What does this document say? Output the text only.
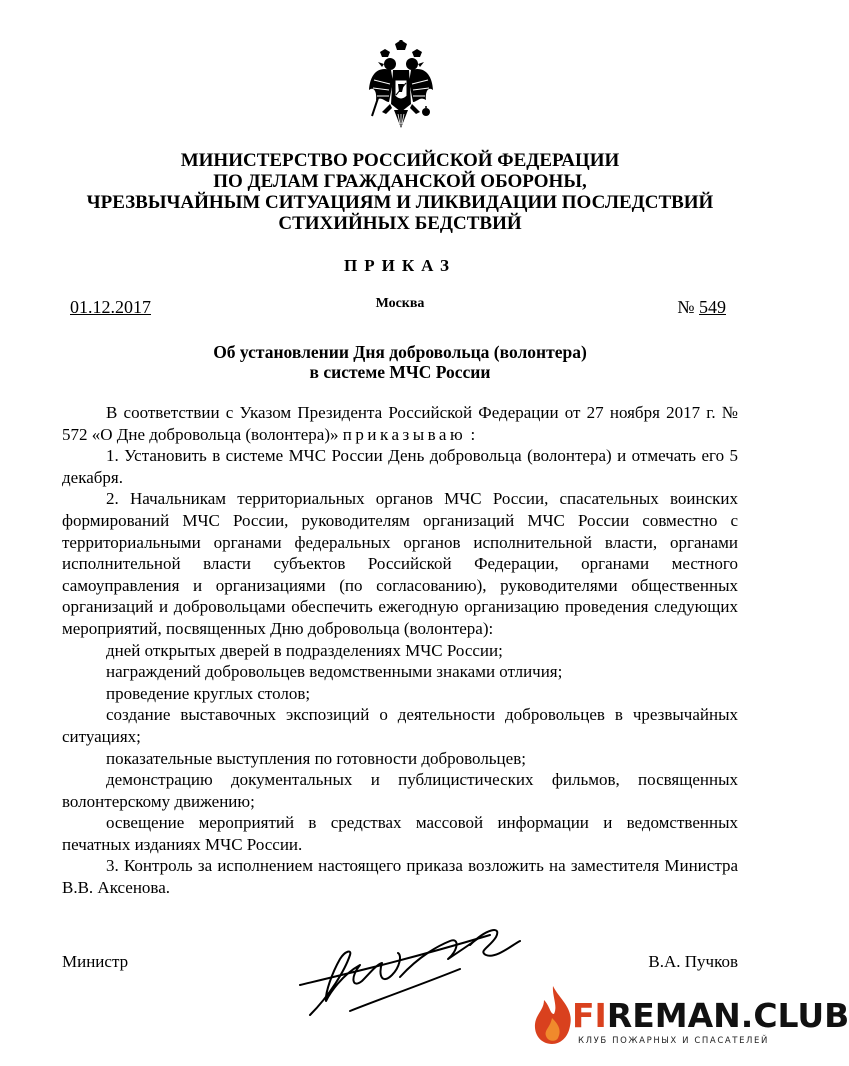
МИНИСТЕРСТВО РОССИЙСКОЙ ФЕДЕРАЦИИ
ПО ДЕЛАМ ГРАЖДАНСКОЙ ОБОРОНЫ,
ЧРЕЗВЫЧАЙНЫМ СИТУАЦИЯМ И ЛИКВИДАЦИИ ПОСЛЕДСТВИЙ
СТИХИЙНЫХ БЕДСТВИЙ
ПРИКАЗ
01.12.2017	Москва	№ 549
Об установлении Дня добровольца (волонтера)
в системе МЧС России

В соответствии с Указом Президента Российской Федерации от 27 ноября 2017 г. № 572 «О Дне добровольца (волонтера)» приказываю :

1. Установить в системе МЧС России День добровольца (волонтера) и отмечать его 5 декабря.

2. Начальникам территориальных органов МЧС России, спасательных воинских формирований МЧС России, руководителям организаций МЧС России совместно с территориальными органами федеральных органов исполнительной власти, органами исполнительной власти субъектов Российской Федерации, органами местного самоуправления и организациями (по согласованию), руководителями общественных организаций и добровольцами обеспечить ежегодную организацию проведения следующих мероприятий, посвященных Дню добровольца (волонтера):

дней открытых дверей в подразделениях МЧС России;

награждений добровольцев ведомственными знаками отличия;

проведение круглых столов;

создание выставочных экспозиций о деятельности добровольцев в чрезвычайных ситуациях;

показательные выступления по готовности добровольцев;

демонстрацию документальных и публицистических фильмов, посвященных волонтерскому движению;

освещение мероприятий в средствах массовой информации и ведомственных печатных изданиях МЧС России.

3. Контроль за исполнением настоящего приказа возложить на заместителя Министра В.В. Аксенова.

Министр	В.А. Пучков
FIREMAN.CLUB
КЛУБ ПОЖАРНЫХ И СПАСАТЕЛЕЙ
